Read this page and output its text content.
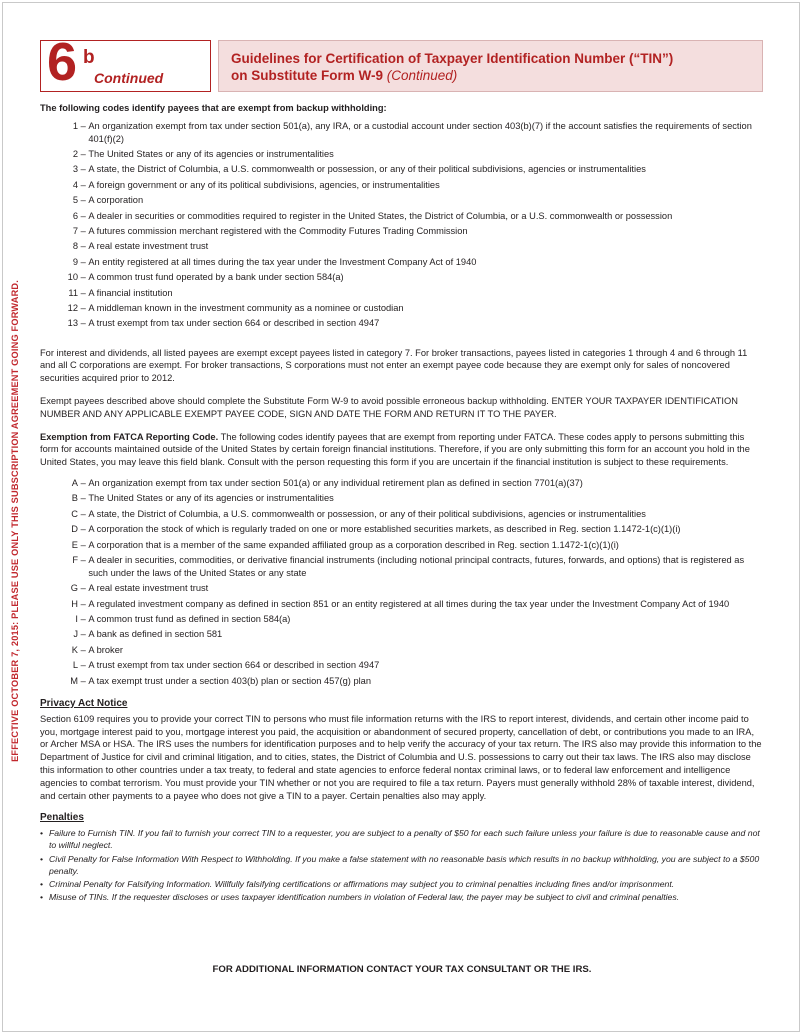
EFFECTIVE OCTOBER 7, 2015: PLEASE USE ONLY THIS SUBSCRIPTION AGREEMENT GOING FORWARD.
6 b
Continued
Guidelines for Certification of Taxpayer Identification Number (“TIN”)
on Substitute Form W-9 (Continued)

The following codes identify payees that are exempt from backup withholding:

1 – An organization exempt from tax under section 501(a), any IRA, or a custodial account under section 403(b)(7) if the account satisfies the requirements of section 401(f)(2)
2 – The United States or any of its agencies or instrumentalities
3 – A state, the District of Columbia, a U.S. commonwealth or possession, or any of their political subdivisions, agencies or instrumentalities
4 – A foreign government or any of its political subdivisions, agencies, or instrumentalities
5 – A corporation
6 – A dealer in securities or commodities required to register in the United States, the District of Columbia, or a U.S. commonwealth or possession
7 – A futures commission merchant registered with the Commodity Futures Trading Commission
8 – A real estate investment trust
9 – An entity registered at all times during the tax year under the Investment Company Act of 1940
10 – A common trust fund operated by a bank under section 584(a)
11 – A financial institution
12 – A middleman known in the investment community as a nominee or custodian
13 – A trust exempt from tax under section 664 or described in section 4947

For interest and dividends, all listed payees are exempt except payees listed in category 7. For broker transactions, payees listed in categories 1 through 4 and 6 through 11 and all C corporations are exempt. For broker transactions, S corporations must not enter an exempt payee code because they are exempt only for sales of noncovered securities acquired prior to 2012.

Exempt payees described above should complete the Substitute Form W-9 to avoid possible erroneous backup withholding. ENTER YOUR TAXPAYER IDENTIFICATION NUMBER AND ANY APPLICABLE EXEMPT PAYEE CODE, SIGN AND DATE THE FORM AND RETURN IT TO THE PAYER.

Exemption from FATCA Reporting Code. The following codes identify payees that are exempt from reporting under FATCA. These codes apply to persons submitting this form for accounts maintained outside of the United States by certain foreign financial institutions. Therefore, if you are only submitting this form for an account you hold in the United States, you may leave this field blank. Consult with the person requesting this form if you are uncertain if the financial institution is subject to these requirements.

A – An organization exempt from tax under section 501(a) or any individual retirement plan as defined in section 7701(a)(37)
B – The United States or any of its agencies or instrumentalities
C – A state, the District of Columbia, a U.S. commonwealth or possession, or any of their political subdivisions, agencies or instrumentalities
D – A corporation the stock of which is regularly traded on one or more established securities markets, as described in Reg. section 1.1472-1(c)(1)(i)
E – A corporation that is a member of the same expanded affiliated group as a corporation described in Reg. section 1.1472-1(c)(1)(i)
F – A dealer in securities, commodities, or derivative financial instruments (including notional principal contracts, futures, forwards, and options) that is registered as such under the laws of the United States or any state
G – A real estate investment trust
H – A regulated investment company as defined in section 851 or an entity registered at all times during the tax year under the Investment Company Act of 1940
I – A common trust fund as defined in section 584(a)
J – A bank as defined in section 581
K – A broker
L – A trust exempt from tax under section 664 or described in section 4947
M – A tax exempt trust under a section 403(b) plan or section 457(g) plan

Privacy Act Notice

Section 6109 requires you to provide your correct TIN to persons who must file information returns with the IRS to report interest, dividends, and certain other income paid to you, mortgage interest paid to you, mortgage interest you paid, the acquisition or abandonment of secured property, cancellation of debt, or contributions you made to an IRA, or Archer MSA or HSA. The IRS uses the numbers for identification purposes and to help verify the accuracy of your tax return. The IRS also may provide this information to the Department of Justice for civil and criminal litigation, and to cities, states, the District of Columbia and U.S. possessions to carry out their tax laws. The IRS also may disclose this information to other countries under a tax treaty, to federal and state agencies to enforce federal nontax criminal laws, or to federal law enforcement and intelligence agencies to combat terrorism. You must provide your TIN whether or not you are required to file a tax return. Payers must generally withhold 28% of taxable interest, dividend, and certain other payments to a payee who does not give a TIN to a payer. Certain penalties also may apply.

Penalties

• Failure to Furnish TIN. If you fail to furnish your correct TIN to a requester, you are subject to a penalty of $50 for each such failure unless your failure is due to reasonable cause and not to willful neglect.
• Civil Penalty for False Information With Respect to Withholding. If you make a false statement with no reasonable basis which results in no backup withholding, you are subject to a $500 penalty.
• Criminal Penalty for Falsifying Information. Willfully falsifying certifications or affirmations may subject you to criminal penalties including fines and/or imprisonment.
• Misuse of TINs. If the requester discloses or uses taxpayer identification numbers in violation of Federal law, the payer may be subject to civil and criminal penalties.
FOR ADDITIONAL INFORMATION CONTACT YOUR TAX CONSULTANT OR THE IRS.
